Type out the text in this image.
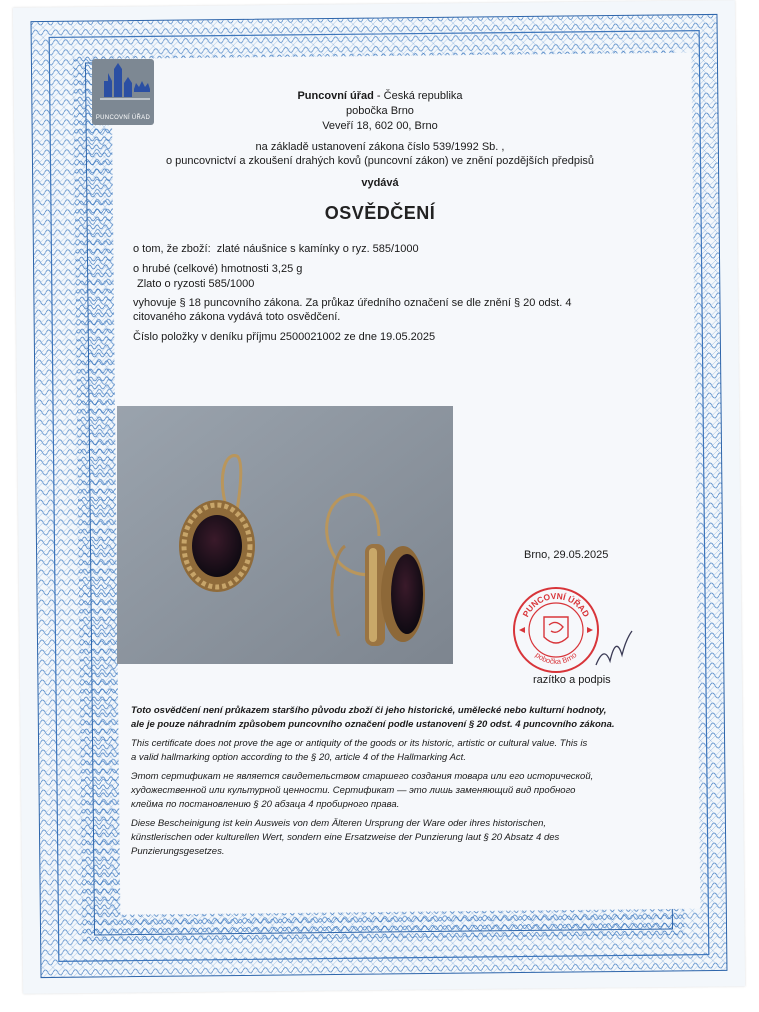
PUNCOVNÍ ÚŘAD
Puncovní úřad - Česká republika
pobočka Brno
Veveří 18, 602 00, Brno
na základě ustanovení zákona číslo 539/1992 Sb. ,
o puncovnictví a zkoušení drahých kovů (puncovní zákon) ve znění pozdějších předpisů
vydává
OSVĚDČENÍ
o tom, že zboží: zlaté náušnice s kamínky o ryz. 585/1000
o hrubé (celkové) hmotnosti 3,25 g
Zlato o ryzosti 585/1000
vyhovuje § 18 puncovního zákona. Za průkaz úředního označení se dle znění § 20 odst. 4
citovaného zákona vydává toto osvědčení.
Číslo položky v deníku příjmu 2500021002 ze dne 19.05.2025
Brno, 29.05.2025
PUNCOVNÍ ÚŘAD
pobočka Brno
razítko a podpis
Toto osvědčení není průkazem staršího původu zboží či jeho historické, umělecké nebo kulturní hodnoty,
ale je pouze náhradním způsobem puncovního označení podle ustanovení § 20 odst. 4 puncovního zákona.
This certificate does not prove the age or antiquity of the goods or its historic, artistic or cultural value. This is
a valid hallmarking option according to the § 20, article 4 of the Hallmarking Act.
Этот сертификат не является свидетельством старшего создания товара или его исторической,
художественной или культурной ценности. Сертификат — это лишь заменяющий вид пробного
клейма по постановлению § 20 абзаца 4 пробирного права.
Diese Bescheinigung ist kein Ausweis von dem Älteren Ursprung der Ware oder ihres historischen,
künstlerischen oder kulturellen Wert, sondern eine Ersatzweise der Punzierung laut § 20 Absatz 4 des
Punzierungsgesetzes.
